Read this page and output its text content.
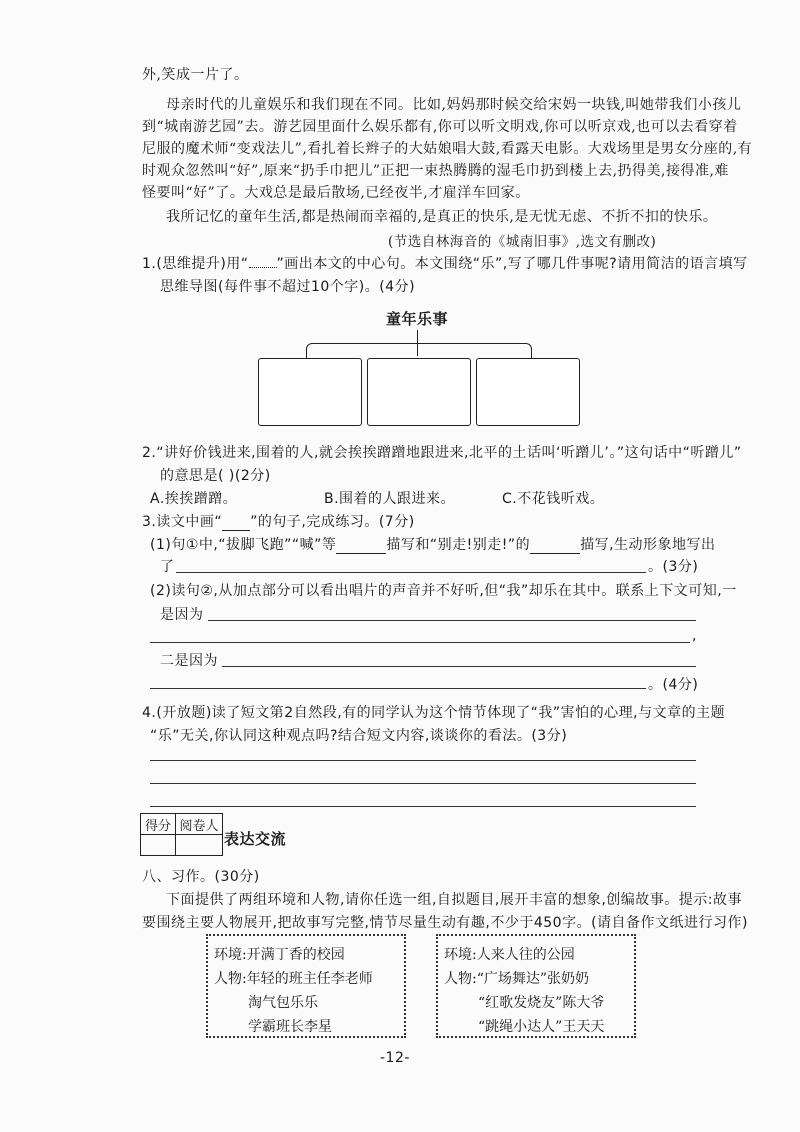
外,笑成一片了。
母亲时代的儿童娱乐和我们现在不同。比如,妈妈那时候交给宋妈一块钱,叫她带我们小孩儿
到“城南游艺园”去。游艺园里面什么娱乐都有,你可以听文明戏,你可以听京戏,也可以去看穿着
尼服的魔术师“变戏法儿”,看扎着长辫子的大姑娘唱大鼓,看露天电影。大戏场里是男女分座的,有
时观众忽然叫“好”,原来“扔手巾把儿”正把一束热腾腾的湿毛巾扔到楼上去,扔得美,接得准,难
怪要叫“好”了。大戏总是最后散场,已经夜半,才雇洋车回家。
我所记忆的童年生活,都是热闹而幸福的,是真正的快乐,是无忧无虑、不折不扣的快乐。
(节选自林海音的《城南旧事》,选文有删改)
1.(思维提升)用“ ”画出本文的中心句。本文围绕“乐”,写了哪几件事呢?请用简洁的语言填写
思维导图(每件事不超过10个字)。(4分)
童年乐事
2.“讲好价钱进来,围着的人,就会挨挨蹭蹭地跟进来,北平的土话叫‘听蹭儿’。”这句话中“听蹭儿”
的意思是( )(2分)
A.挨挨蹭蹭。	B.围着的人跟进来。	C.不花钱听戏。
3.读文中画“ ”的句子,完成练习。(7分)
(1)句①中,“拔脚飞跑”“喊”等	描写和“别走!别走!”的	描写,生动形象地写出
了	。(3分)
(2)读句②,从加点部分可以看出唱片的声音并不好听,但“我”却乐在其中。联系上下文可知,一
是因为
,
二是因为
。(4分)
4.(开放题)读了短文第2自然段,有的同学认为这个情节体现了“我”害怕的心理,与文章的主题
“乐”无关,你认同这种观点吗?结合短文内容,谈谈你的看法。(3分)
得分	阅卷人

表达交流
八、习作。(30分)
下面提供了两组环境和人物,请你任选一组,自拟题目,展开丰富的想象,创编故事。提示:故事
要围绕主要人物展开,把故事写完整,情节尽量生动有趣,不少于450字。(请自备作文纸进行习作)
环境:开满丁香的校园
人物:年轻的班主任李老师
淘气包乐乐
学霸班长李星
环境:人来人往的公园
人物:“广场舞达”张奶奶
“红歌发烧友”陈大爷
“跳绳小达人”王天天
-12-
